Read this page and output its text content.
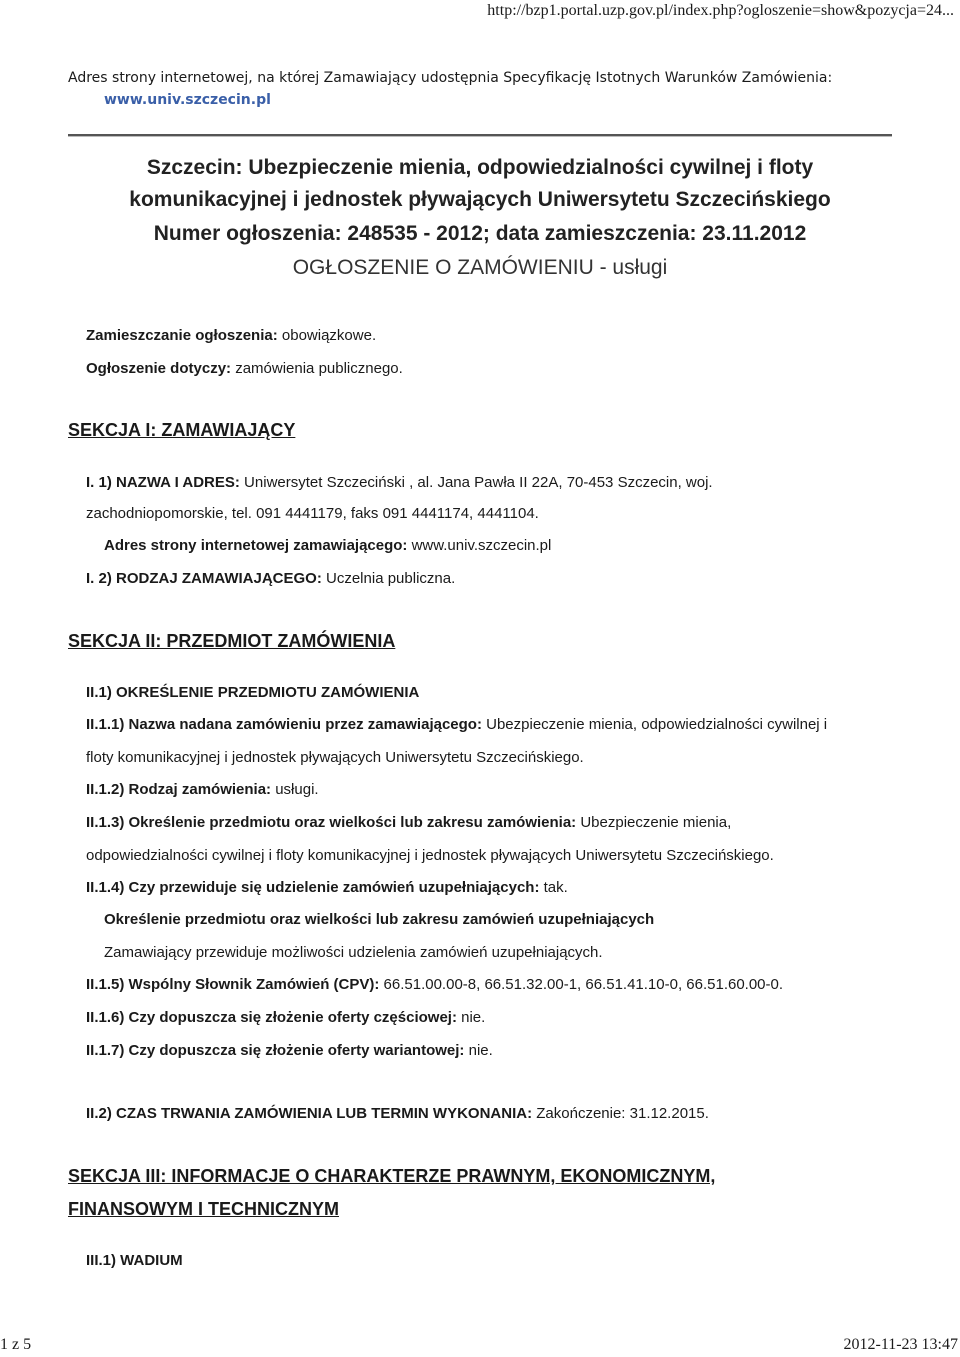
http://bzp1.portal.uzp.gov.pl/index.php?ogloszenie=show&pozycja=24...
Adres strony internetowej, na której Zamawiający udostępnia Specyfikację Istotnych Warunków Zamówienia:
www.univ.szczecin.pl
Szczecin: Ubezpieczenie mienia, odpowiedzialności cywilnej i floty
komunikacyjnej i jednostek pływających Uniwersytetu Szczecińskiego
Numer ogłoszenia: 248535 - 2012; data zamieszczenia: 23.11.2012
OGŁOSZENIE O ZAMÓWIENIU - usługi
Zamieszczanie ogłoszenia: obowiązkowe.
Ogłoszenie dotyczy: zamówienia publicznego.
SEKCJA I: ZAMAWIAJĄCY
I. 1) NAZWA I ADRES: Uniwersytet Szczeciński , al. Jana Pawła II 22A, 70-453 Szczecin, woj.
zachodniopomorskie, tel. 091 4441179, faks 091 4441174, 4441104.
Adres strony internetowej zamawiającego: www.univ.szczecin.pl
I. 2) RODZAJ ZAMAWIAJĄCEGO: Uczelnia publiczna.
SEKCJA II: PRZEDMIOT ZAMÓWIENIA
II.1) OKREŚLENIE PRZEDMIOTU ZAMÓWIENIA
II.1.1) Nazwa nadana zamówieniu przez zamawiającego: Ubezpieczenie mienia, odpowiedzialności cywilnej i
floty komunikacyjnej i jednostek pływających Uniwersytetu Szczecińskiego.
II.1.2) Rodzaj zamówienia: usługi.
II.1.3) Określenie przedmiotu oraz wielkości lub zakresu zamówienia: Ubezpieczenie mienia,
odpowiedzialności cywilnej i floty komunikacyjnej i jednostek pływających Uniwersytetu Szczecińskiego.
II.1.4) Czy przewiduje się udzielenie zamówień uzupełniających: tak.
Określenie przedmiotu oraz wielkości lub zakresu zamówień uzupełniających
Zamawiający przewiduje możliwości udzielenia zamówień uzupełniających.
II.1.5) Wspólny Słownik Zamówień (CPV): 66.51.00.00-8, 66.51.32.00-1, 66.51.41.10-0, 66.51.60.00-0.
II.1.6) Czy dopuszcza się złożenie oferty częściowej: nie.
II.1.7) Czy dopuszcza się złożenie oferty wariantowej: nie.
II.2) CZAS TRWANIA ZAMÓWIENIA LUB TERMIN WYKONANIA: Zakończenie: 31.12.2015.
SEKCJA III: INFORMACJE O CHARAKTERZE PRAWNYM, EKONOMICZNYM,
FINANSOWYM I TECHNICZNYM
III.1) WADIUM
1 z 5	2012-11-23 13:47
